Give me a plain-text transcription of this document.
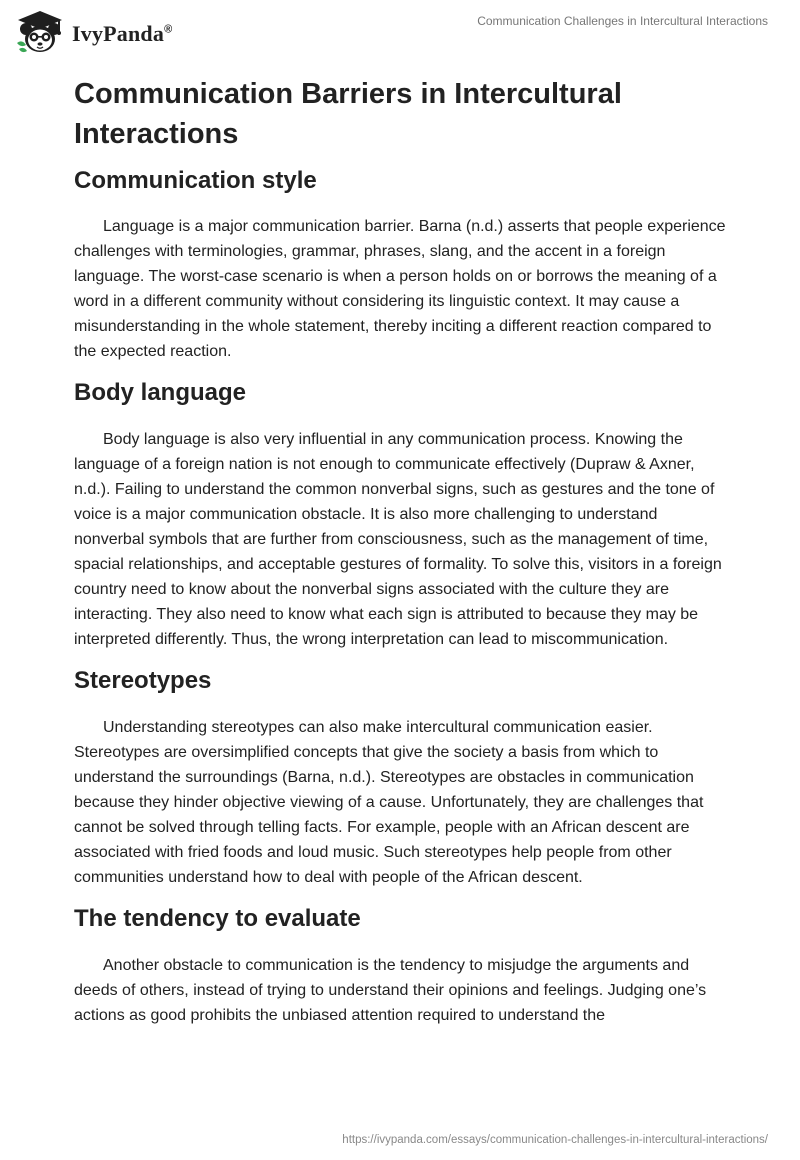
IvyPanda®
Communication Challenges in Intercultural Interactions
Communication Barriers in Intercultural Interactions
Communication style

Language is a major communication barrier. Barna (n.d.) asserts that people experience challenges with terminologies, grammar, phrases, slang, and the accent in a foreign language. The worst-case scenario is when a person holds on or borrows the meaning of a word in a different community without considering its linguistic context. It may cause a misunderstanding in the whole statement, thereby inciting a different reaction compared to the expected reaction.

Body language

Body language is also very influential in any communication process. Knowing the language of a foreign nation is not enough to communicate effectively (Dupraw & Axner, n.d.). Failing to understand the common nonverbal signs, such as gestures and the tone of voice is a major communication obstacle. It is also more challenging to understand nonverbal symbols that are further from consciousness, such as the management of time, spacial relationships, and acceptable gestures of formality. To solve this, visitors in a foreign country need to know about the nonverbal signs associated with the culture they are interacting. They also need to know what each sign is attributed to because they may be interpreted differently. Thus, the wrong interpretation can lead to miscommunication.

Stereotypes

Understanding stereotypes can also make intercultural communication easier. Stereotypes are oversimplified concepts that give the society a basis from which to understand the surroundings (Barna, n.d.). Stereotypes are obstacles in communication because they hinder objective viewing of a cause. Unfortunately, they are challenges that cannot be solved through telling facts. For example, people with an African descent are associated with fried foods and loud music. Such stereotypes help people from other communities understand how to deal with people of the African descent.

The tendency to evaluate

Another obstacle to communication is the tendency to misjudge the arguments and deeds of others, instead of trying to understand their opinions and feelings. Judging one’s actions as good prohibits the unbiased attention required to understand the

https://ivypanda.com/essays/communication-challenges-in-intercultural-interactions/
